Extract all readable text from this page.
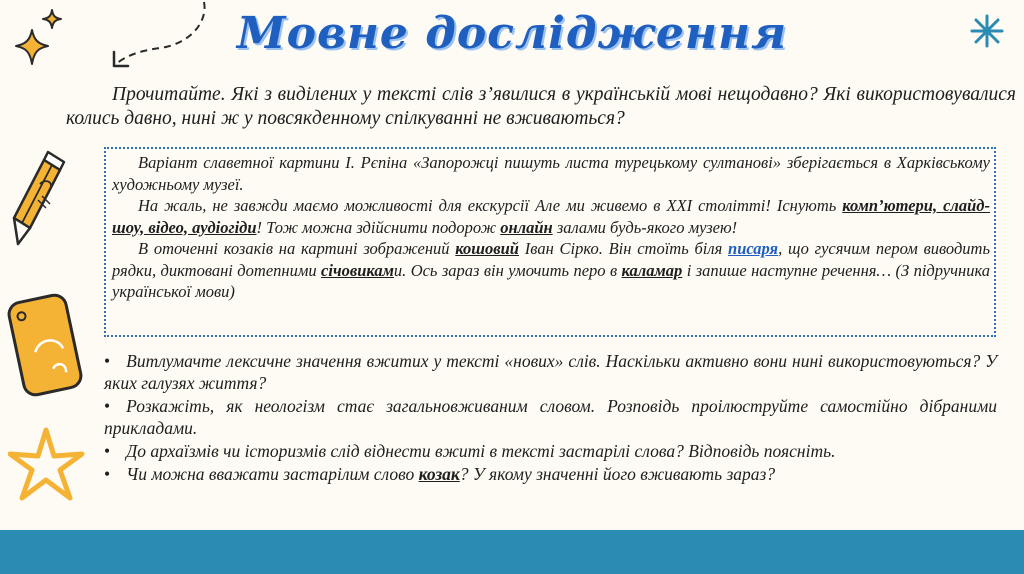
Мовне дослідження
Прочитайте. Які з виділених у тексті слів з’явилися в українській мові нещодавно? Які використовувалися колись давно, нині ж у повсякденному спілкуванні не вживаються?

Варіант славетної картини І. Рєпіна «Запорожці пишуть листа турецькому султанові» зберігається в Харківському художньому музеї.

На жаль, не завжди маємо можливості для екскурсії Але ми живемо в ХХІ столітті! Існують комп’ютери, слайд-шоу, відео, аудіогіди! Тож можна здійснити подорож онлайн залами будь-якого музею!

В оточенні козаків на картині зображений кошовий Іван Сірко. Він стоїть біля писаря, що гусячим пером виводить рядки, диктовані дотепними січовиками. Ось зараз він умочить перо в каламар і запише наступне речення… (З підручника української мови)

• Витлумачте лексичне значення вжитих у тексті «нових» слів. Наскільки активно вони нині використовуються? У яких галузях життя?
• Розкажіть, як неологізм стає загальновживаним словом. Розповідь проілюструйте самостійно дібраними прикладами.
• До архаїзмів чи історизмів слід віднести вжиті в тексті застарілі слова? Відповідь поясніть.
• Чи можна вважати застарілим слово козак? У якому значенні його вживають зараз?
